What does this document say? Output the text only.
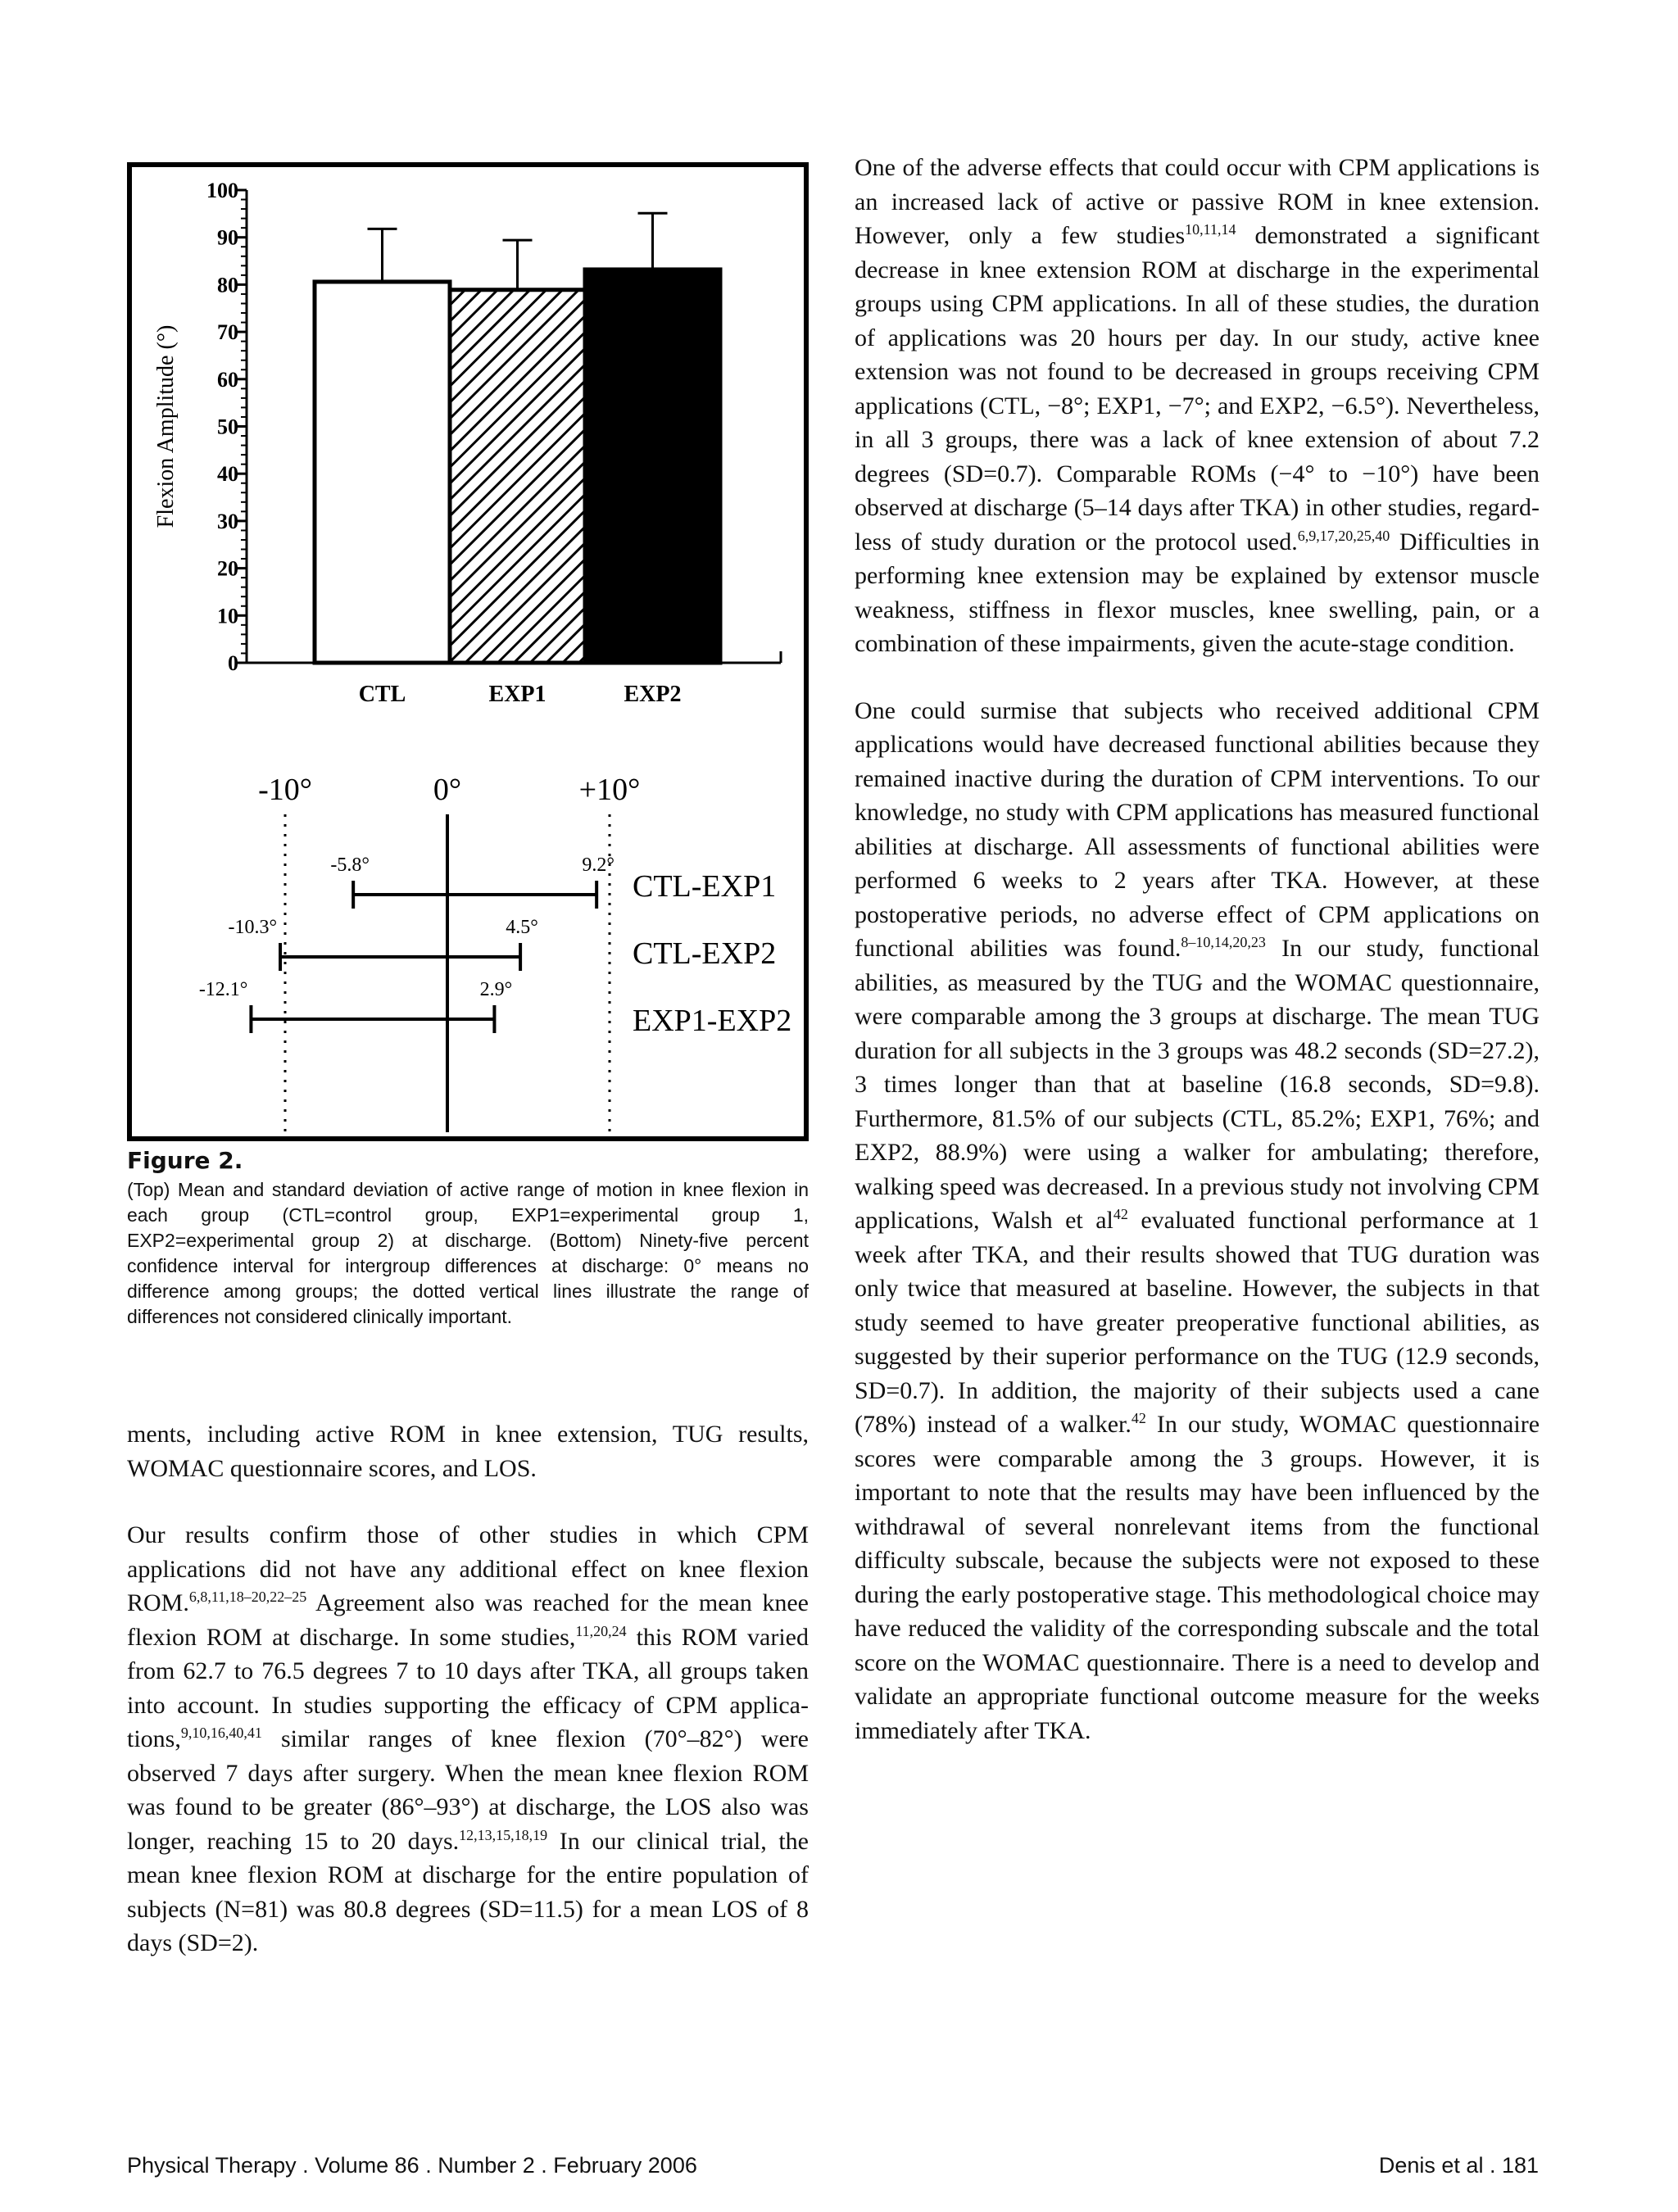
0
10
20
30
40
50
60
70
80
90
100
Flexion Amplitude (°)
CTL	EXP1	EXP2
-10°	0°	+10°
-5.8°	9.2°
CTL-EXP1
-10.3°	4.5°
CTL-EXP2
-12.1°	2.9°
EXP1-EXP2
Figure 2.

(Top) Mean and standard deviation of active range of motion in knee flexion in each group (CTL=control group, EXP1=experimental group 1, EXP2=experimental group 2) at discharge. (Bottom) Ninety-five percent confidence interval for intergroup differences at discharge: 0° means no difference among groups; the dotted vertical lines illustrate the range of differences not considered clinically important.

ments, including active ROM in knee extension, TUG results, WOMAC questionnaire scores, and LOS.

Our results confirm those of other studies in which CPM applications did not have any additional effect on knee flexion ROM.$^{6,8,11,18-20,22-25}$ Agreement also was reached for the mean knee flexion ROM at discharge. In some studies,$^{11,20,24}$ this ROM varied from 62.7 to 76.5 degrees 7 to 10 days after TKA, all groups taken into account. In studies supporting the efficacy of CPM applications,$^{9,10,16,40,41}$ similar ranges of knee flexion (70°–82°) were observed 7 days after surgery. When the mean knee flexion ROM was found to be greater (86°–93°) at discharge, the LOS also was longer, reaching 15 to 20 days.$^{12,13,15,18,19}$ In our clinical trial, the mean knee flexion ROM at discharge for the entire population of subjects (N=81) was 80.8 degrees (SD=11.5) for a mean LOS of 8 days (SD=2).

One of the adverse effects that could occur with CPM applications is an increased lack of active or passive ROM in knee extension. However, only a few studies$^{10,11,14}$ demonstrated a significant decrease in knee extension ROM at discharge in the experimental groups using CPM applications. In all of these studies, the duration of applications was 20 hours per day. In our study, active knee extension was not found to be decreased in groups receiving CPM applications (CTL, −8°; EXP1, −7°; and EXP2, −6.5°). Nevertheless, in all 3 groups, there was a lack of knee extension of about 7.2 degrees (SD=0.7). Comparable ROMs (−4° to −10°) have been observed at discharge (5–14 days after TKA) in other studies, regardless of study duration or the protocol used.$^{6,9,17,20,25,40}$ Difficulties in performing knee extension may be explained by extensor muscle weakness, stiffness in flexor muscles, knee swelling, pain, or a combination of these impairments, given the acute-stage condition.

One could surmise that subjects who received additional CPM applications would have decreased functional abilities because they remained inactive during the duration of CPM interventions. To our knowledge, no study with CPM applications has measured functional abilities at discharge. All assessments of functional abilities were performed 6 weeks to 2 years after TKA. However, at these postoperative periods, no adverse effect of CPM applications on functional abilities was found.$^{8-10,14,20,23}$ In our study, functional abilities, as measured by the TUG and the WOMAC questionnaire, were comparable among the 3 groups at discharge. The mean TUG duration for all subjects in the 3 groups was 48.2 seconds (SD=27.2), 3 times longer than that at baseline (16.8 seconds, SD=9.8). Furthermore, 81.5% of our subjects (CTL, 85.2%; EXP1, 76%; and EXP2, 88.9%) were using a walker for ambulating; therefore, walking speed was decreased. In a previous study not involving CPM applications, Walsh et $al^{42}$ evaluated functional performance at 1 week after TKA, and their results showed that TUG duration was only twice that measured at baseline. However, the subjects in that study seemed to have greater preoperative functional abilities, as suggested by their superior performance on the TUG (12.9 seconds, SD=0.7). In addition, the majority of their subjects used a cane (78%) instead of a walker.$^{42}$ In our study, WOMAC questionnaire scores were comparable among the 3 groups. However, it is important to note that the results may have been influenced by the withdrawal of several nonrelevant items from the functional difficulty subscale, because the subjects were not exposed to these during the early postoperative stage. This methodological choice may have reduced the validity of the corresponding subscale and the total score on the WOMAC questionnaire. There is a need to develop and validate an appropriate functional outcome measure for the weeks immediately after TKA.

Physical Therapy . Volume 86 . Number 2 . February 2006	Denis et al . 181
